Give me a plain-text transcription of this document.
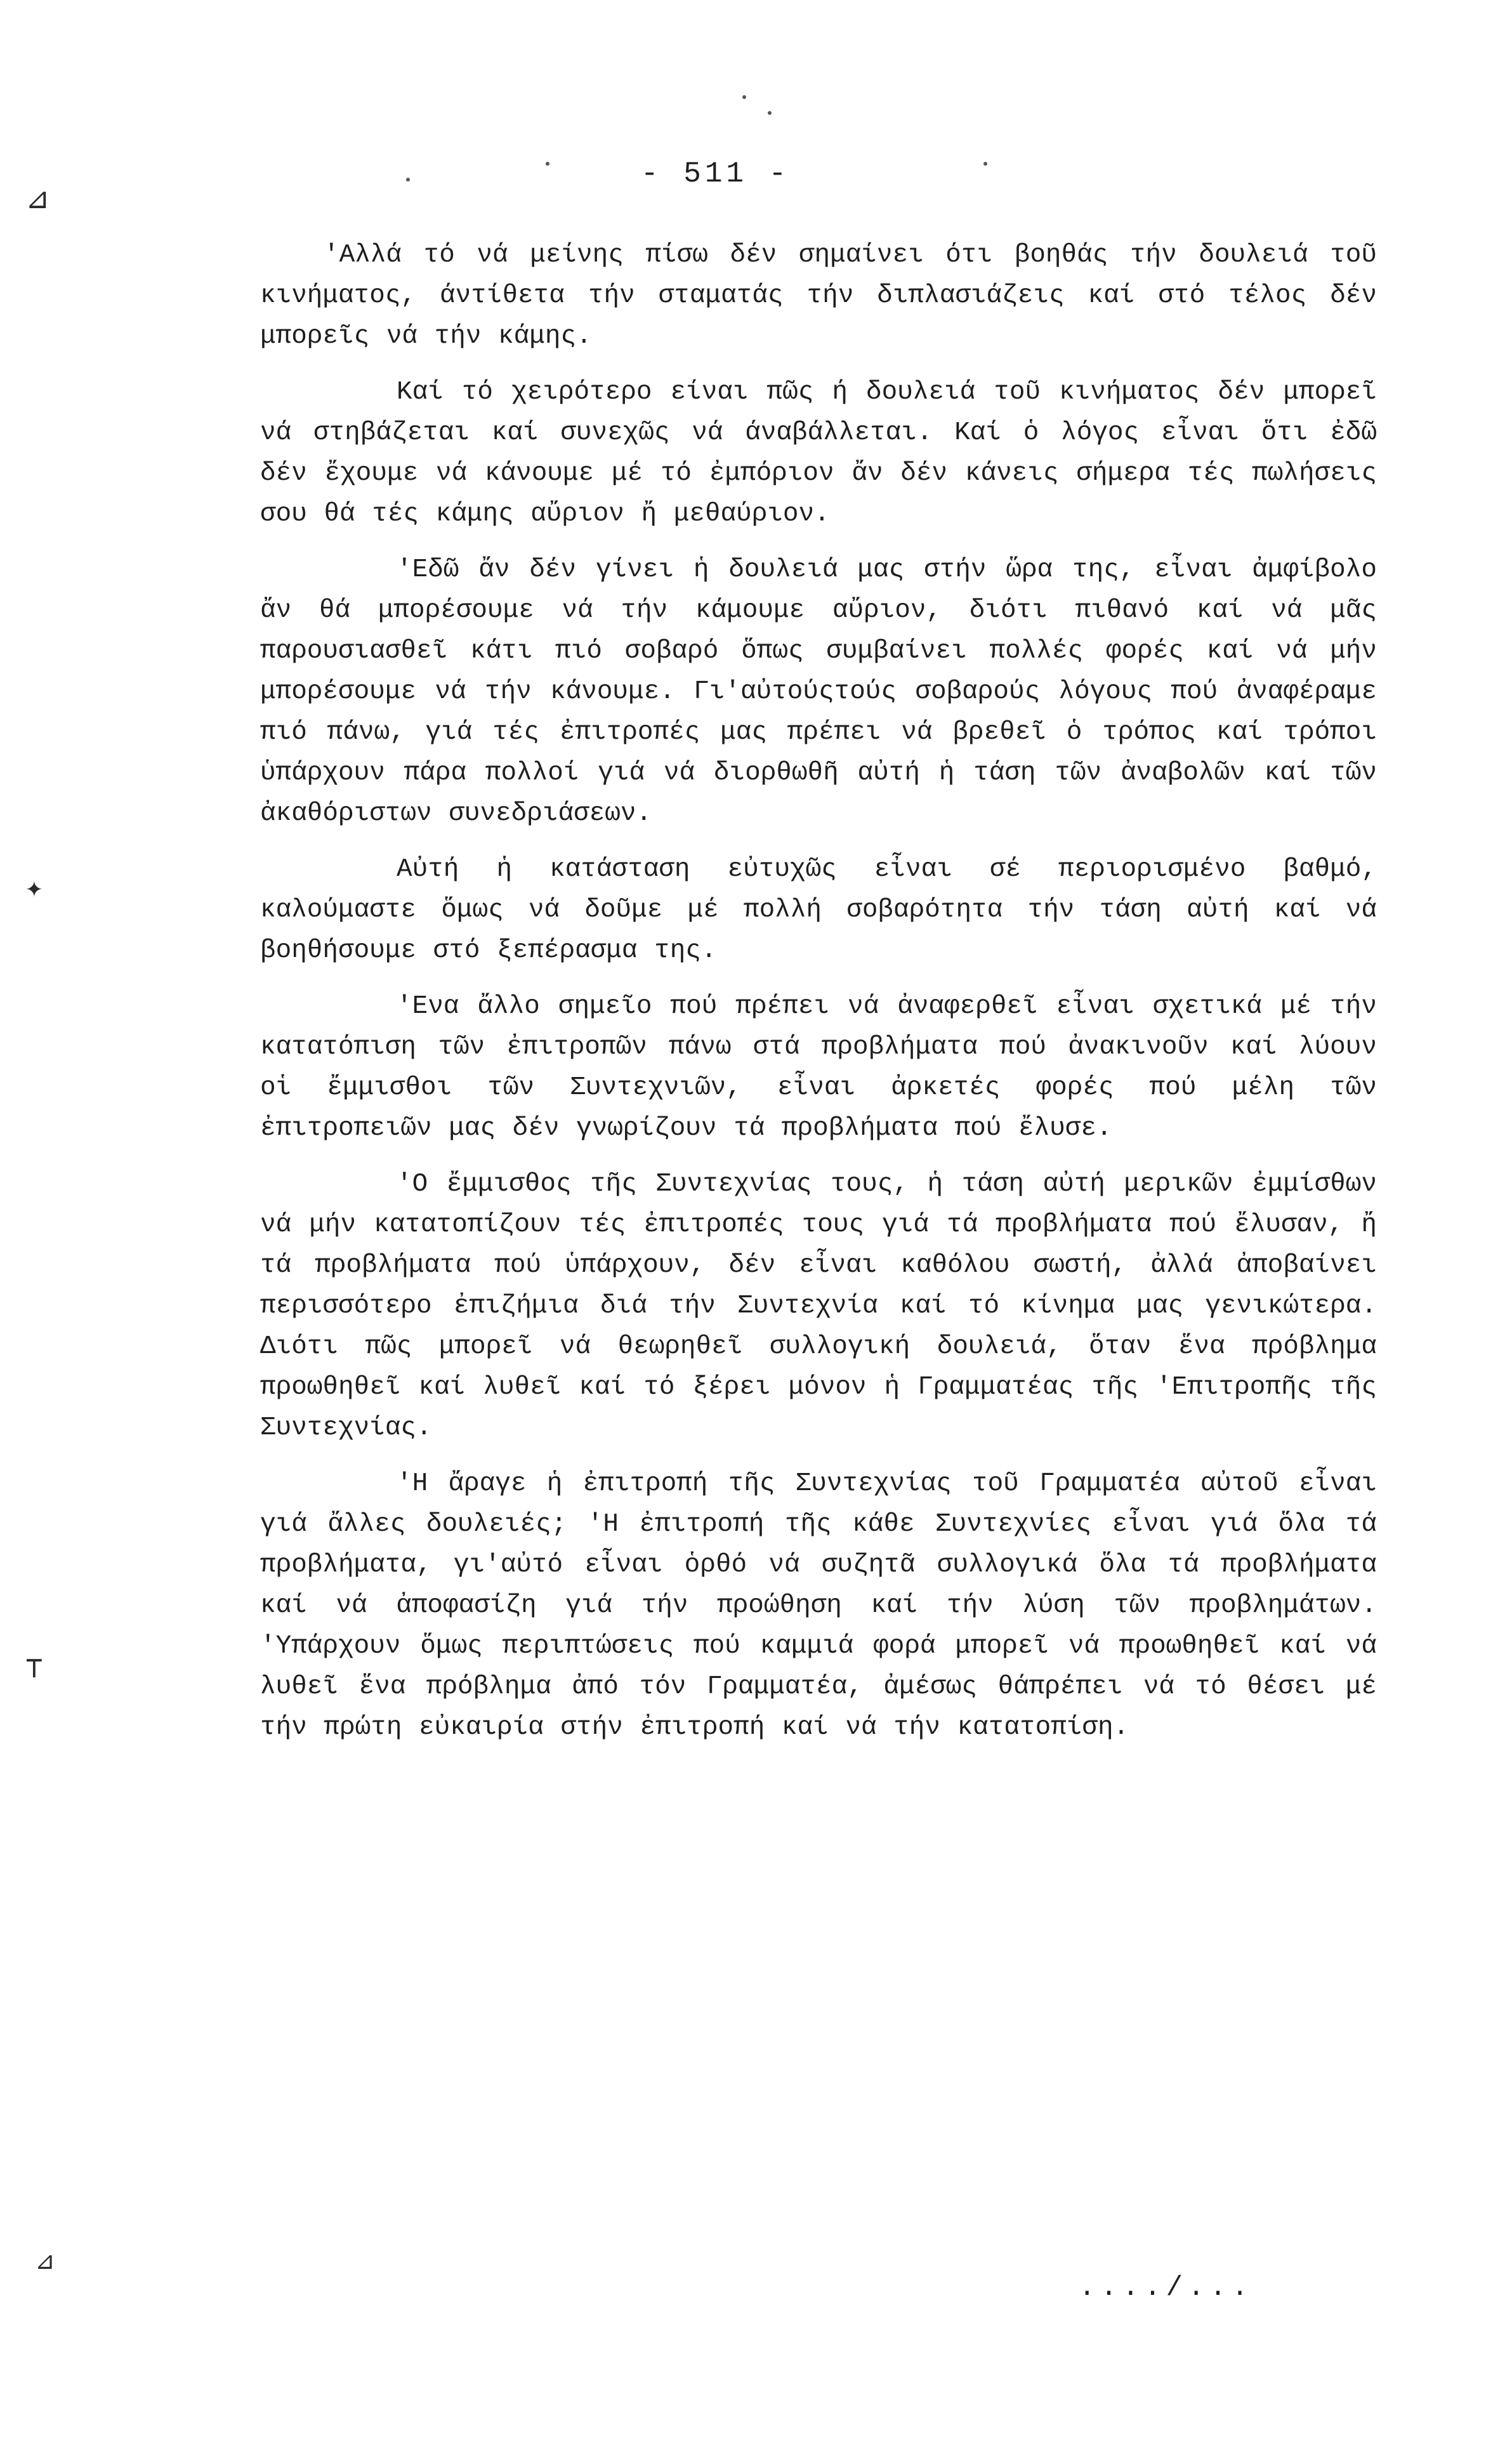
- 511 -

'Αλλά τό νά μείνης πίσω δέν σημαίνει ότι βοηθάς τήν δουλειά τοῦ κινήματος, άντίθετα τήν σταματάς τήν διπλασιάζεις καί στό τέλος δέν μπορεῖς νά τήν κάμης.

Καί τό χειρότερο είναι πῶς ή δουλειά τοῦ κινήματος δέν μπορεῖ νά στηβάζεται καί συνεχῶς νά άναβάλλεται. Καί ὁ λόγος εἶναι ὅτι ἐδῶ δέν ἔχουμε νά κάνουμε μέ τό ἐμπόριον ἄν δέν κάνεις σήμερα τές πωλήσεις σου θά τές κάμης αὔριον ἤ μεθαύριον.

'Εδῶ ἄν δέν γίνει ἡ δουλειά μας στήν ὥρα της, εἶναι ἀμφίβολο ἄν θά μπορέσουμε νά τήν κάμουμε αὔριον, διότι πιθανό καί νά μᾶς παρουσιασθεῖ κάτι πιό σοβαρό ὅπως συμβαίνει πολλές φορές καί νά μήν μπορέσουμε νά τήν κάνουμε. Γι'αὐτούςτούς σοβαρούς λόγους πού ἀναφέραμε πιό πάνω, γιά τές ἐπιτροπές μας πρέπει νά βρεθεῖ ὁ τρόπος καί τρόποι ὑπάρχουν πάρα πολλοί γιά νά διορθωθῆ αὐτή ἡ τάση τῶν ἀναβολῶν καί τῶν ἀκαθόριστων συνεδριάσεων.

Αὐτή ἡ κατάσταση εὐτυχῶς εἶναι σέ περιορισμένο βαθμό, καλούμαστε ὅμως νά δοῦμε μέ πολλή σοβαρότητα τήν τάση αὐτή καί νά βοηθήσουμε στό ξεπέρασμα της.

'Ενα ἄλλο σημεῖο πού πρέπει νά ἀναφερθεῖ εἶναι σχετικά μέ τήν κατατόπιση τῶν ἐπιτροπῶν πάνω στά προβλήματα πού ἀνακινοῦν καί λύουν οἱ ἔμμισθοι τῶν Συντεχνιῶν, εἶναι ἀρκετές φορές πού μέλη τῶν ἐπιτροπειῶν μας δέν γνωρίζουν τά προβλήματα πού ἔλυσε.

'Ο ἔμμισθος τῆς Συντεχνίας τους, ἡ τάση αὐτή μερικῶν ἐμμίσθων νά μήν κατατοπίζουν τές ἐπιτροπές τους γιά τά προβλήματα πού ἔλυσαν, ἤ τά προβλήματα πού ὑπάρχουν, δέν εἶναι καθόλου σωστή, ἀλλά ἀποβαίνει περισσότερο ἐπιζήμια διά τήν Συντεχνία καί τό κίνημα μας γενικώτερα. Διότι πῶς μπορεῖ νά θεωρηθεῖ συλλογική δουλειά, ὅταν ἕνα πρόβλημα προωθηθεῖ καί λυθεῖ καί τό ξέρει μόνον ἡ Γραμματέας τῆς 'Επιτροπῆς τῆς Συντεχνίας.

'Η ἄραγε ἡ ἐπιτροπή τῆς Συντεχνίας τοῦ Γραμματέα αὐτοῦ εἶναι γιά ἄλλες δουλειές; 'Η ἐπιτροπή τῆς κάθε Συντεχνίες εἶναι γιά ὅλα τά προβλήματα, γι'αὐτό εἶναι ὁρθό νά συζητᾶ συλλογικά ὅλα τά προβλήματα καί νά ἀποφασίζη γιά τήν προώθηση καί τήν λύση τῶν προβλημάτων. 'Υπάρχουν ὅμως περιπτώσεις πού καμμιά φορά μπορεῖ νά προωθηθεῖ καί νά λυθεῖ ἕνα πρόβλημα ἀπό τόν Γραμματέα, ἀμέσως θάπρέπει νά τό θέσει μέ τήν πρώτη εὐκαιρία στήν ἐπιτροπή καί νά τήν κατατοπίση.

..../...
⊿
✦
⊤
⊿
